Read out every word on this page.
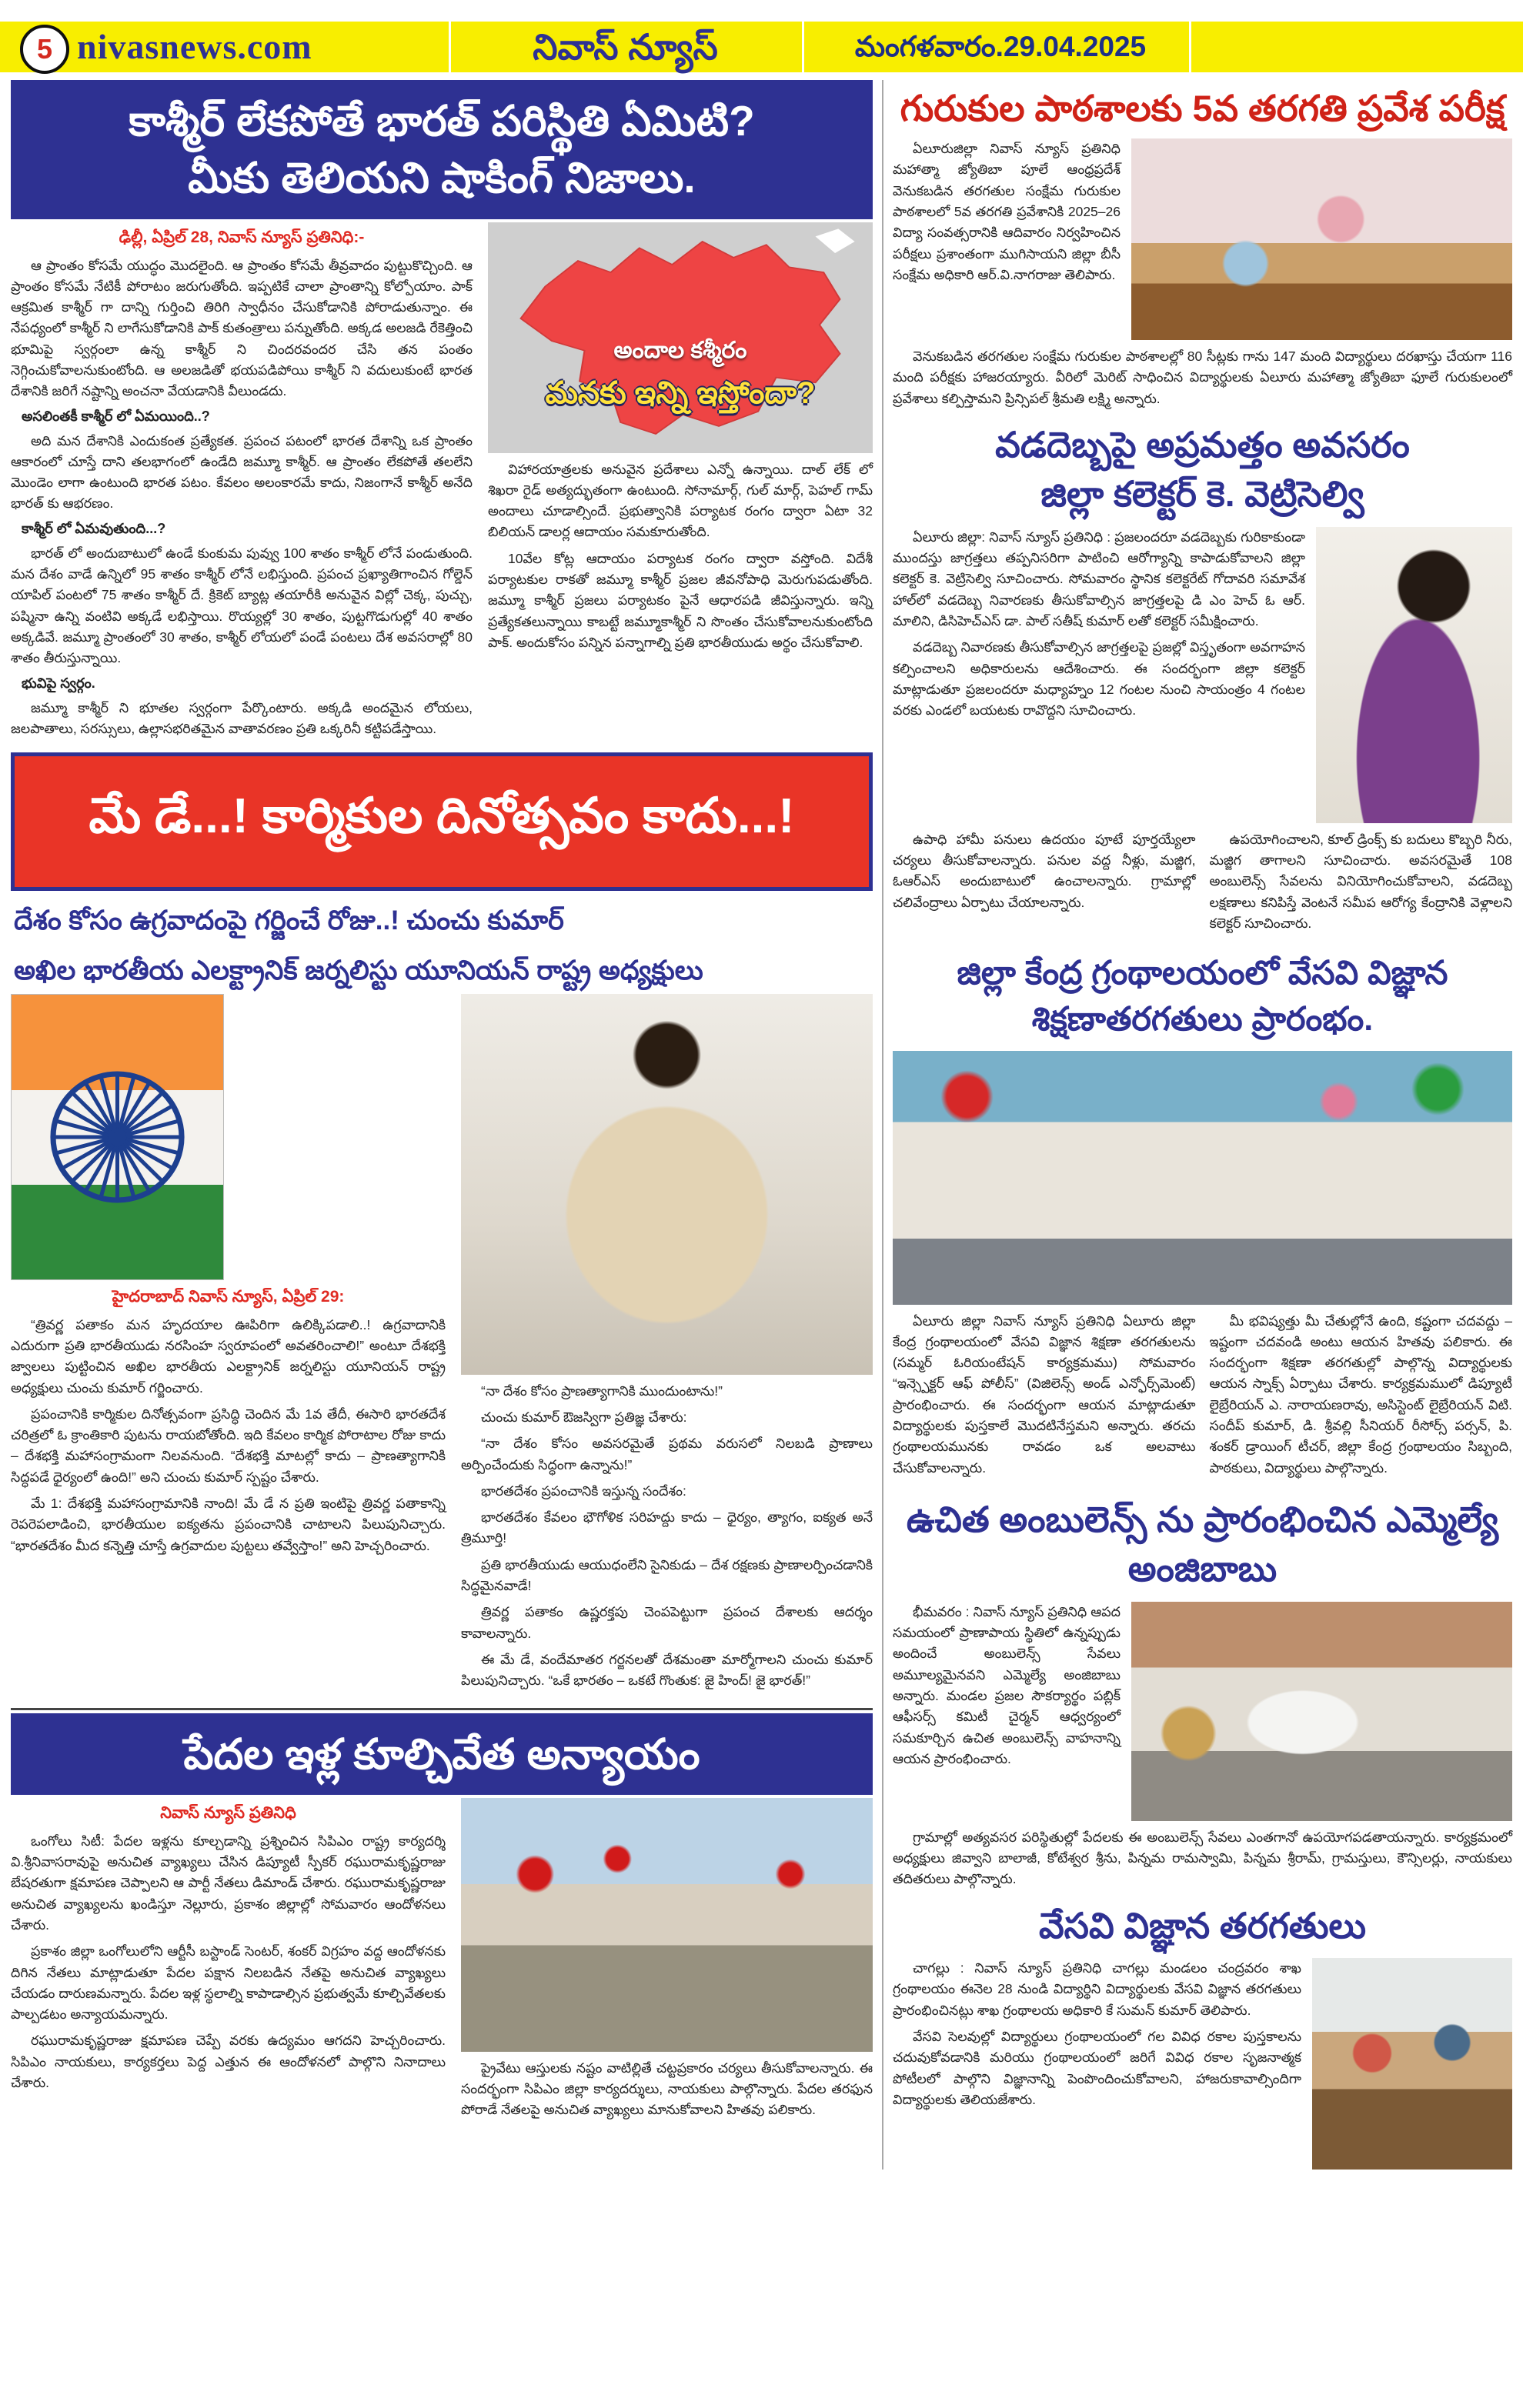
5 nivasnews.com	నివాస్ న్యూస్	మంగళవారం.29.04.2025
కాశ్మీర్ లేకపోతే భారత్ పరిస్థితి ఏమిటి?
మీకు తెలియని షాకింగ్ నిజాలు.
ఢిల్లీ, ఏప్రిల్ 28, నివాస్ న్యూస్ ప్రతినిధి:-

ఆ ప్రాంతం కోసమే యుద్ధం మొదలైంది. ఆ ప్రాంతం కోసమే తీవ్రవాదం పుట్టుకొచ్చింది. ఆ ప్రాంతం కోసమే నేటికీ పోరాటం జరుగుతోంది. ఇప్పటికే చాలా ప్రాంతాన్ని కోల్పోయాం. పాక్ ఆక్రమిత కాశ్మీర్ గా దాన్ని గుర్తించి తిరిగి స్వాధీనం చేసుకోడానికి పోరాడుతున్నాం. ఈ నేపధ్యంలో కాశ్మీర్ ని లాగేసుకోడానికి పాక్ కుతంత్రాలు పన్నుతోంది. అక్కడ అలజడి రేకెత్తించి భూమిపై స్వర్గంలా ఉన్న కాశ్మీర్ ని చిందరవందర చేసి తన పంతం నెగ్గించుకోవాలనుకుంటోంది. ఆ అలజడితో భయపడిపోయి కాశ్మీర్ ని వదులుకుంటే భారత దేశానికి జరిగే నష్టాన్ని అంచనా వేయడానికి వీలుండదు.

అసలింతకీ కాశ్మీర్ లో ఏమయింది..?

అది మన దేశానికి ఎందుకంత ప్రత్యేకత. ప్రపంచ పటంలో భారత దేశాన్ని ఒక ప్రాంతం ఆకారంలో చూస్తే దాని తలభాగంలో ఉండేది జమ్మూ కాశ్మీర్. ఆ ప్రాంతం లేకపోతే తలలేని మొండెం లాగా ఉంటుంది భారత పటం. కేవలం అలంకారమే కాదు, నిజంగానే కాశ్మీర్ అనేది భారత్ కు ఆభరణం.

కాశ్మీర్ లో ఏమవుతుంది...?

భారత్ లో అందుబాటులో ఉండే కుంకుమ పువ్వు 100 శాతం కాశ్మీర్ లోనే పండుతుంది. మన దేశం వాడే ఉన్నిలో 95 శాతం కాశ్మీర్ లోనే లభిస్తుంది. ప్రపంచ ప్రఖ్యాతిగాంచిన గోల్డెన్ యాపిల్ పంటలో 75 శాతం కాశ్మీర్ దే. క్రికెట్ బ్యాట్ల తయారీకి అనువైన విల్లో చెక్క, పుచ్చు, పష్మినా ఉన్ని వంటివి అక్కడే లభిస్తాయి. రొయ్యల్లో 30 శాతం, పుట్టగొడుగుల్లో 40 శాతం అక్కడివే. జమ్మూ ప్రాంతంలో 30 శాతం, కాశ్మీర్ లోయలో పండే పంటలు దేశ అవసరాల్లో 80 శాతం తీరుస్తున్నాయి.

భువిపై స్వర్గం.

జమ్మూ కాశ్మీర్ ని భూతల స్వర్గంగా పేర్కొంటారు. అక్కడి అందమైన లోయలు, జలపాతాలు, సరస్సులు, ఉల్లాసభరితమైన వాతావరణం ప్రతి ఒక్కరినీ కట్టిపడేస్తాయి.

అందాల కశ్మీరం
మనకు ఇన్ని ఇస్తోందా?

విహారయాత్రలకు అనువైన ప్రదేశాలు ఎన్నో ఉన్నాయి. దాల్ లేక్ లో శిఖరా రైడ్ అత్యద్భుతంగా ఉంటుంది. సోనామార్గ్, గుల్ మార్గ్, పెహల్ గామ్ అందాలు చూడాల్సిందే. ప్రభుత్వానికి పర్యాటక రంగం ద్వారా ఏటా 32 బిలియన్ డాలర్ల ఆదాయం సమకూరుతోంది.

10వేల కోట్ల ఆదాయం పర్యాటక రంగం ద్వారా వస్తోంది. విదేశీ పర్యాటకుల రాకతో జమ్మూ కాశ్మీర్ ప్రజల జీవనోపాధి మెరుగుపడుతోంది. జమ్మూ కాశ్మీర్ ప్రజలు పర్యాటకం పైనే ఆధారపడి జీవిస్తున్నారు. ఇన్ని ప్రత్యేకతలున్నాయి కాబట్టే జమ్మూకాశ్మీర్ ని సొంతం చేసుకోవాలనుకుంటోంది పాక్. అందుకోసం పన్నిన పన్నాగాల్ని ప్రతి భారతీయుడు అర్థం చేసుకోవాలి.

మే డే...! కార్మికుల దినోత్సవం కాదు...!
దేశం కోసం ఉగ్రవాదంపై గర్జించే రోజు..! చుంచు కుమార్
అఖిల భారతీయ ఎలక్ట్రానిక్ జర్నలిస్టు యూనియన్ రాష్ట్ర అధ్యక్షులు
హైదరాబాద్ నివాస్ న్యూస్, ఏప్రిల్ 29:

“త్రివర్ణ పతాకం మన హృదయాల ఊపిరిగా ఉలిక్కిపడాలి..! ఉగ్రవాదానికి ఎదురుగా ప్రతి భారతీయుడు నరసింహ స్వరూపంలో అవతరించాలి!” అంటూ దేశభక్తి జ్వాలలు పుట్టించిన అఖిల భారతీయ ఎలక్ట్రానిక్ జర్నలిస్టు యూనియన్ రాష్ట్ర అధ్యక్షులు చుంచు కుమార్ గర్జించారు.

ప్రపంచానికి కార్మికుల దినోత్సవంగా ప్రసిద్ధి చెందిన మే 1వ తేదీ, ఈసారి భారతదేశ చరిత్రలో ఓ క్రాంతికారి పుటను రాయబోతోంది. ఇది కేవలం కార్మిక పోరాటాల రోజు కాదు – దేశభక్తి మహాసంగ్రామంగా నిలవనుంది. “దేశభక్తి మాటల్లో కాదు – ప్రాణత్యాగానికి సిద్ధపడే ధైర్యంలో ఉంది!” అని చుంచు కుమార్ స్పష్టం చేశారు.

మే 1: దేశభక్తి మహాసంగ్రామానికి నాంది! మే డే న ప్రతి ఇంటిపై త్రివర్ణ పతాకాన్ని రెపరెపలాడించి, భారతీయుల ఐక్యతను ప్రపంచానికి చాటాలని పిలుపునిచ్చారు. “భారతదేశం మీద కన్నెత్తి చూస్తే ఉగ్రవాదుల పుట్టలు తవ్వేస్తాం!” అని హెచ్చరించారు.

“నా దేశం కోసం ప్రాణత్యాగానికి ముందుంటాను!”

చుంచు కుమార్ ఔజస్విగా ప్రతిజ్ఞ చేశారు:

“నా దేశం కోసం అవసరమైతే ప్రథమ వరుసలో నిలబడి ప్రాణాలు అర్పించేందుకు సిద్ధంగా ఉన్నాను!”

భారతదేశం ప్రపంచానికి ఇస్తున్న సందేశం:

భారతదేశం కేవలం భౌగోళిక సరిహద్దు కాదు – ధైర్యం, త్యాగం, ఐక్యత అనే త్రిమూర్తి!

ప్రతి భారతీయుడు ఆయుధంలేని సైనికుడు – దేశ రక్షణకు ప్రాణాలర్పించడానికి సిద్ధమైనవాడే!

త్రివర్ణ పతాకం ఉష్ణరక్తపు చెంపపెట్టుగా ప్రపంచ దేశాలకు ఆదర్శం కావాలన్నారు.

ఈ మే డే, వందేమాతర గర్జనలతో దేశమంతా మార్మోగాలని చుంచు కుమార్ పిలుపునిచ్చారు. “ఒకే భారతం – ఒకటే గొంతుక: జై హింద్! జై భారత్!”

పేదల ఇళ్ల కూల్చివేత అన్యాయం
నివాస్ న్యూస్ ప్రతినిధి

ఒంగోలు సిటీ: పేదల ఇళ్లను కూల్చడాన్ని ప్రశ్నించిన సిపిఎం రాష్ట్ర కార్యదర్శి వి.శ్రీనివాసరావుపై అనుచిత వ్యాఖ్యలు చేసిన డిప్యూటీ స్పీకర్ రఘురామకృష్ణరాజు బేషరతుగా క్షమాపణ చెప్పాలని ఆ పార్టీ నేతలు డిమాండ్ చేశారు. రఘురామకృష్ణరాజు అనుచిత వ్యాఖ్యలను ఖండిస్తూ నెల్లూరు, ప్రకాశం జిల్లాల్లో సోమవారం ఆందోళనలు చేశారు.

ప్రకాశం జిల్లా ఒంగోలులోని ఆర్టీసీ బస్టాండ్ సెంటర్, శంకర్ విగ్రహం వద్ద ఆందోళనకు దిగిన నేతలు మాట్లాడుతూ పేదల పక్షాన నిలబడిన నేతపై అనుచిత వ్యాఖ్యలు చేయడం దారుణమన్నారు. పేదల ఇళ్ల స్థలాల్ని కాపాడాల్సిన ప్రభుత్వమే కూల్చివేతలకు పాల్పడటం అన్యాయమన్నారు.

రఘురామకృష్ణరాజు క్షమాపణ చెప్పే వరకు ఉద్యమం ఆగదని హెచ్చరించారు. సిపిఎం నాయకులు, కార్యకర్తలు పెద్ద ఎత్తున ఈ ఆందోళనలో పాల్గొని నినాదాలు చేశారు.

ప్రైవేటు ఆస్తులకు నష్టం వాటిల్లితే చట్టప్రకారం చర్యలు తీసుకోవాలన్నారు. ఈ సందర్భంగా సిపిఎం జిల్లా కార్యదర్శులు, నాయకులు పాల్గొన్నారు. పేదల తరఫున పోరాడే నేతలపై అనుచిత వ్యాఖ్యలు మానుకోవాలని హితవు పలికారు.

గురుకుల పాఠశాలకు 5వ తరగతి ప్రవేశ పరీక్ష

ఏలూరుజిల్లా నివాస్ న్యూస్ ప్రతినిధి మహాత్మా జ్యోతిబా పూలే ఆంధ్రప్రదేశ్ వెనుకబడిన తరగతుల సంక్షేమ గురుకుల పాఠశాలలో 5వ తరగతి ప్రవేశానికి 2025–26 విద్యా సంవత్సరానికి ఆదివారం నిర్వహించిన పరీక్షలు ప్రశాంతంగా ముగిసాయని జిల్లా బీసీ సంక్షేమ అధికారి ఆర్.వి.నాగరాజు తెలిపారు.

వెనుకబడిన తరగతుల సంక్షేమ గురుకుల పాఠశాలల్లో 80 సీట్లకు గాను 147 మంది విద్యార్థులు దరఖాస్తు చేయగా 116 మంది పరీక్షకు హాజరయ్యారు. వీరిలో మెరిట్ సాధించిన విద్యార్థులకు ఏలూరు మహాత్మా జ్యోతిబా ఫూలే గురుకులంలో ప్రవేశాలు కల్పిస్తామని ప్రిన్సిపల్ శ్రీమతి లక్ష్మి అన్నారు.

వడదెబ్బపై అప్రమత్తం అవసరం
జిల్లా కలెక్టర్ కె. వెట్రిసెల్వి

ఏలూరు జిల్లా: నివాస్ న్యూస్ ప్రతినిధి : ప్రజలందరూ వడదెబ్బకు గురికాకుండా ముందస్తు జాగ్రత్తలు తప్పనిసరిగా పాటించి ఆరోగ్యాన్ని కాపాడుకోవాలని జిల్లా కలెక్టర్ కె. వెట్రిసెల్వి సూచించారు. సోమవారం స్థానిక కలెక్టరేట్ గోదావరి సమావేశ హాల్‌లో వడదెబ్బ నివారణకు తీసుకోవాల్సిన జాగ్రత్తలపై డి ఎం హెచ్ ఓ ఆర్. మాలిని, డిసిహెచ్ఎస్ డా. పాల్ సతీష్ కుమార్ లతో కలెక్టర్ సమీక్షించారు.

వడదెబ్బ నివారణకు తీసుకోవాల్సిన జాగ్రత్తలపై ప్రజల్లో విస్తృతంగా అవగాహన కల్పించాలని అధికారులను ఆదేశించారు. ఈ సందర్భంగా జిల్లా కలెక్టర్ మాట్లాడుతూ ప్రజలందరూ మధ్యాహ్నం 12 గంటల నుంచి సాయంత్రం 4 గంటల వరకు ఎండలో బయటకు రావొద్దని సూచించారు.

ఉపాధి హామీ పనులు ఉదయం పూటే పూర్తయ్యేలా చర్యలు తీసుకోవాలన్నారు. పనుల వద్ద నీళ్లు, మజ్జిగ, ఓఆర్ఎస్ అందుబాటులో ఉంచాలన్నారు. గ్రామాల్లో చలివేంద్రాలు ఏర్పాటు చేయాలన్నారు.

ఉపయోగించాలని, కూల్ డ్రింక్స్ కు బదులు కొబ్బరి నీరు, మజ్జిగ తాగాలని సూచించారు. అవసరమైతే 108 అంబులెన్స్ సేవలను వినియోగించుకోవాలని, వడదెబ్బ లక్షణాలు కనిపిస్తే వెంటనే సమీప ఆరోగ్య కేంద్రానికి వెళ్లాలని కలెక్టర్ సూచించారు.

జిల్లా కేంద్ర గ్రంథాలయంలో వేసవి విజ్ఞాన శిక్షణాతరగతులు ప్రారంభం.

ఏలూరు జిల్లా నివాస్ న్యూస్ ప్రతినిధి ఏలూరు జిల్లా కేంద్ర గ్రంథాలయంలో వేసవి విజ్ఞాన శిక్షణా తరగతులను (సమ్మర్ ఓరియంటేషన్ కార్యక్రమము) సోమవారం “ఇన్స్పెక్టర్ ఆఫ్ పోలీస్” (విజిలెన్స్ అండ్ ఎన్ఫోర్స్‌మెంట్) ప్రారంభించారు. ఈ సందర్భంగా ఆయన మాట్లాడుతూ విద్యార్థులకు పుస్తకాలే మొదటినేస్తమని అన్నారు. తరచు గ్రంథాలయమునకు రావడం ఒక అలవాటు చేసుకోవాలన్నారు.

మీ భవిష్యత్తు మీ చేతుల్లోనే ఉంది, కష్టంగా చదవద్దు – ఇష్టంగా చదవండి అంటు ఆయన హితవు పలికారు. ఈ సందర్భంగా శిక్షణా తరగతుల్లో పాల్గొన్న విద్యార్థులకు ఆయన స్నాక్స్ ఏర్పాటు చేశారు. కార్యక్రమములో డిప్యూటీ లైబ్రేరియన్ ఎ. నారాయణరావు, అసిస్టెంట్ లైబ్రేరియన్ విటి. సందీప్ కుమార్, డి. శ్రీవల్లి సీనియర్ రీసోర్స్ పర్సన్, పి. శంకర్ డ్రాయింగ్ టీచర్, జిల్లా కేంద్ర గ్రంథాలయం సిబ్బంది, పాఠకులు, విద్యార్థులు పాల్గొన్నారు.

ఉచిత అంబులెన్స్ ను ప్రారంభించిన ఎమ్మెల్యే అంజిబాబు

భీమవరం : నివాస్ న్యూస్ ప్రతినిధి ఆపద సమయంలో ప్రాణాపాయ స్థితిలో ఉన్నప్పుడు అందించే అంబులెన్స్ సేవలు అమూల్యమైనవని ఎమ్మెల్యే అంజిబాబు అన్నారు. మండల ప్రజల సౌకర్యార్థం పబ్లిక్ ఆఫీసర్స్ కమిటీ చైర్మన్ ఆధ్వర్యంలో సమకూర్చిన ఉచిత అంబులెన్స్ వాహనాన్ని ఆయన ప్రారంభించారు.

గ్రామాల్లో అత్యవసర పరిస్థితుల్లో పేదలకు ఈ అంబులెన్స్ సేవలు ఎంతగానో ఉపయోగపడతాయన్నారు. కార్యక్రమంలో అధ్యక్షులు జివ్వాని బాలాజీ, కోటేశ్వర శ్రీను, పిన్నమ రామస్వామి, పిన్నమ శ్రీరామ్, గ్రామస్తులు, కౌన్సిలర్లు, నాయకులు తదితరులు పాల్గొన్నారు.

వేసవి విజ్ఞాన తరగతులు

చాగల్లు : నివాస్ న్యూస్ ప్రతినిధి చాగల్లు మండలం చంద్రవరం శాఖ గ్రంథాలయం ఈనెల 28 నుండి విద్యార్థిని విద్యార్థులకు వేసవి విజ్ఞాన తరగతులు ప్రారంభించినట్లు శాఖ గ్రంథాలయ అధికారి కే సుమన్ కుమార్ తెలిపారు.

వేసవి సెలవుల్లో విద్యార్థులు గ్రంథాలయంలో గల వివిధ రకాల పుస్తకాలను చదువుకోవడానికి మరియు గ్రంథాలయంలో జరిగే వివిధ రకాల సృజనాత్మక పోటీలలో పాల్గొని విజ్ఞానాన్ని పెంపొందించుకోవాలని, హాజరుకావాల్సిందిగా విద్యార్థులకు తెలియజేశారు.
